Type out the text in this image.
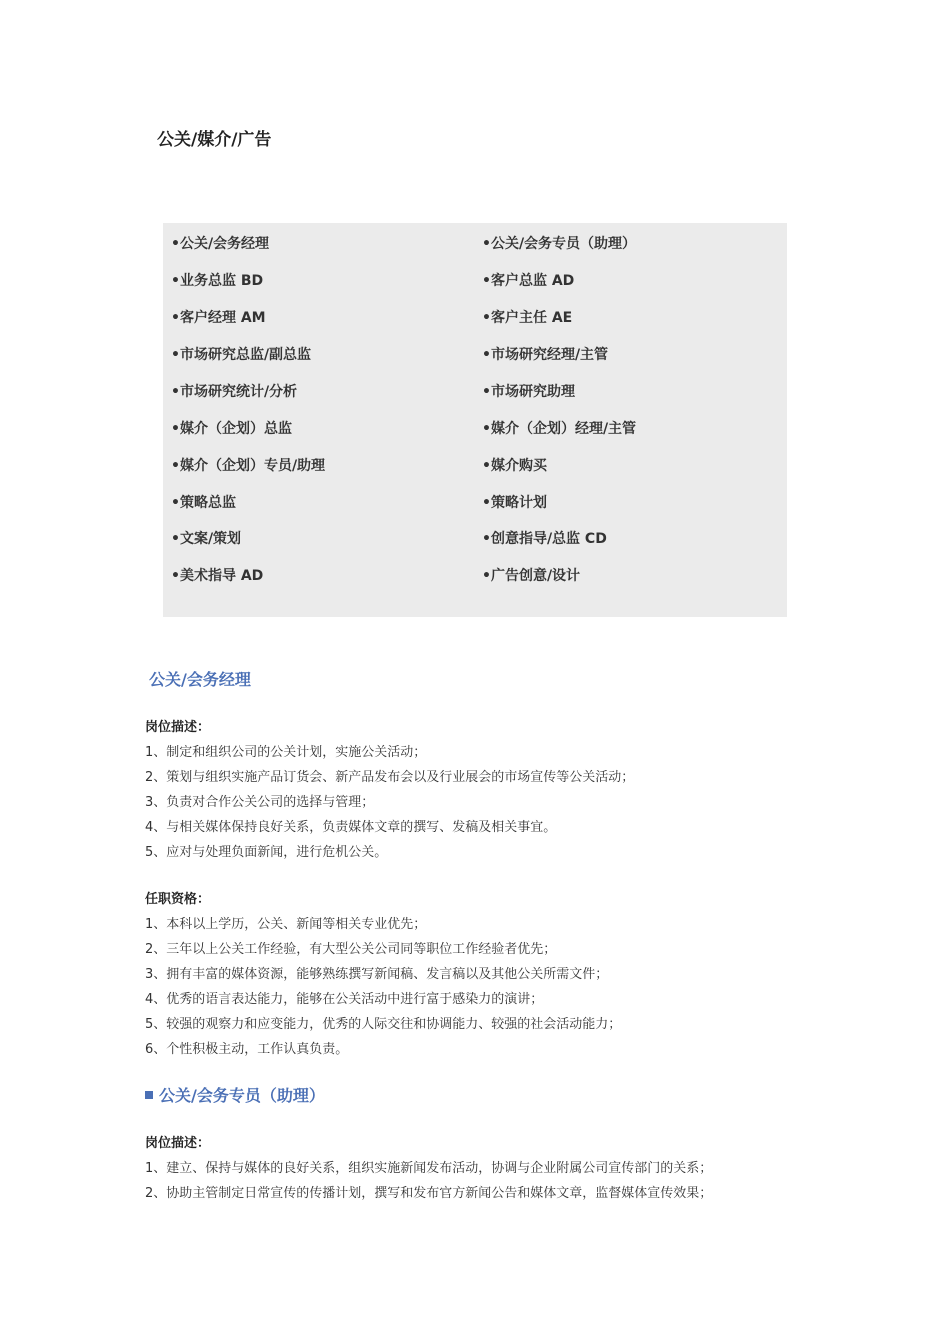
公关/媒介/广告
•公关/会务经理
•业务总监 BD
•客户经理 AM
•市场研究总监/副总监
•市场研究统计/分析
•媒介（企划）总监
•媒介（企划）专员/助理
•策略总监
•文案/策划
•美术指导 AD
•公关/会务专员（助理）
•客户总监 AD
•客户主任 AE
•市场研究经理/主管
•市场研究助理
•媒介（企划）经理/主管
•媒介购买
•策略计划
•创意指导/总监 CD
•广告创意/设计
公关/会务经理
岗位描述：
1、制定和组织公司的公关计划，实施公关活动；
2、策划与组织实施产品订货会、新产品发布会以及行业展会的市场宣传等公关活动；
3、负责对合作公关公司的选择与管理；
4、与相关媒体保持良好关系，负责媒体文章的撰写、发稿及相关事宜。
5、应对与处理负面新闻，进行危机公关。
任职资格：
1、本科以上学历，公关、新闻等相关专业优先；
2、三年以上公关工作经验，有大型公关公司同等职位工作经验者优先；
3、拥有丰富的媒体资源，能够熟练撰写新闻稿、发言稿以及其他公关所需文件；
4、优秀的语言表达能力，能够在公关活动中进行富于感染力的演讲；
5、较强的观察力和应变能力，优秀的人际交往和协调能力、较强的社会活动能力；
6、个性积极主动，工作认真负责。
公关/会务专员（助理）
岗位描述：
1、建立、保持与媒体的良好关系，组织实施新闻发布活动，协调与企业附属公司宣传部门的关系；
2、协助主管制定日常宣传的传播计划，撰写和发布官方新闻公告和媒体文章，监督媒体宣传效果；
